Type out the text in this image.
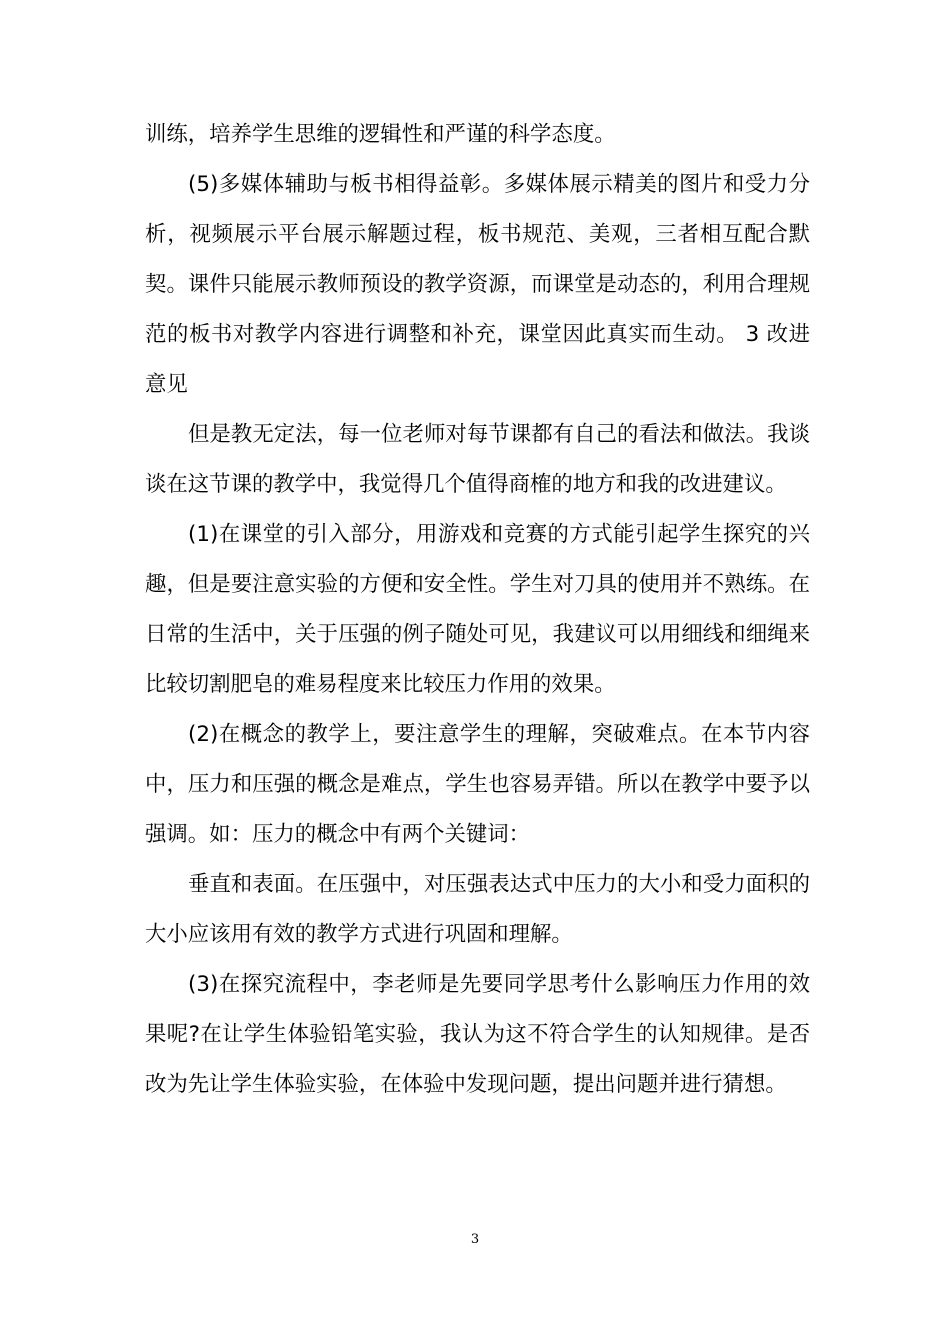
训练，培养学生思维的逻辑性和严谨的科学态度。

(5)多媒体辅助与板书相得益彰。多媒体展示精美的图片和受力分析，视频展示平台展示解题过程，板书规范、美观，三者相互配合默契。课件只能展示教师预设的教学资源，而课堂是动态的，利用合理规范的板书对教学内容进行调整和补充，课堂因此真实而生动。 3 改进意见

但是教无定法，每一位老师对每节课都有自己的看法和做法。我谈谈在这节课的教学中，我觉得几个值得商榷的地方和我的改进建议。

(1)在课堂的引入部分，用游戏和竞赛的方式能引起学生探究的兴趣，但是要注意实验的方便和安全性。学生对刀具的使用并不熟练。在日常的生活中，关于压强的例子随处可见，我建议可以用细线和细绳来比较切割肥皂的难易程度来比较压力作用的效果。

(2)在概念的教学上，要注意学生的理解，突破难点。在本节内容中，压力和压强的概念是难点，学生也容易弄错。所以在教学中要予以强调。如：压力的概念中有两个关键词：

垂直和表面。在压强中，对压强表达式中压力的大小和受力面积的大小应该用有效的教学方式进行巩固和理解。

(3)在探究流程中，李老师是先要同学思考什么影响压力作用的效果呢?在让学生体验铅笔实验，我认为这不符合学生的认知规律。是否改为先让学生体验实验，在体验中发现问题，提出问题并进行猜想。

3
